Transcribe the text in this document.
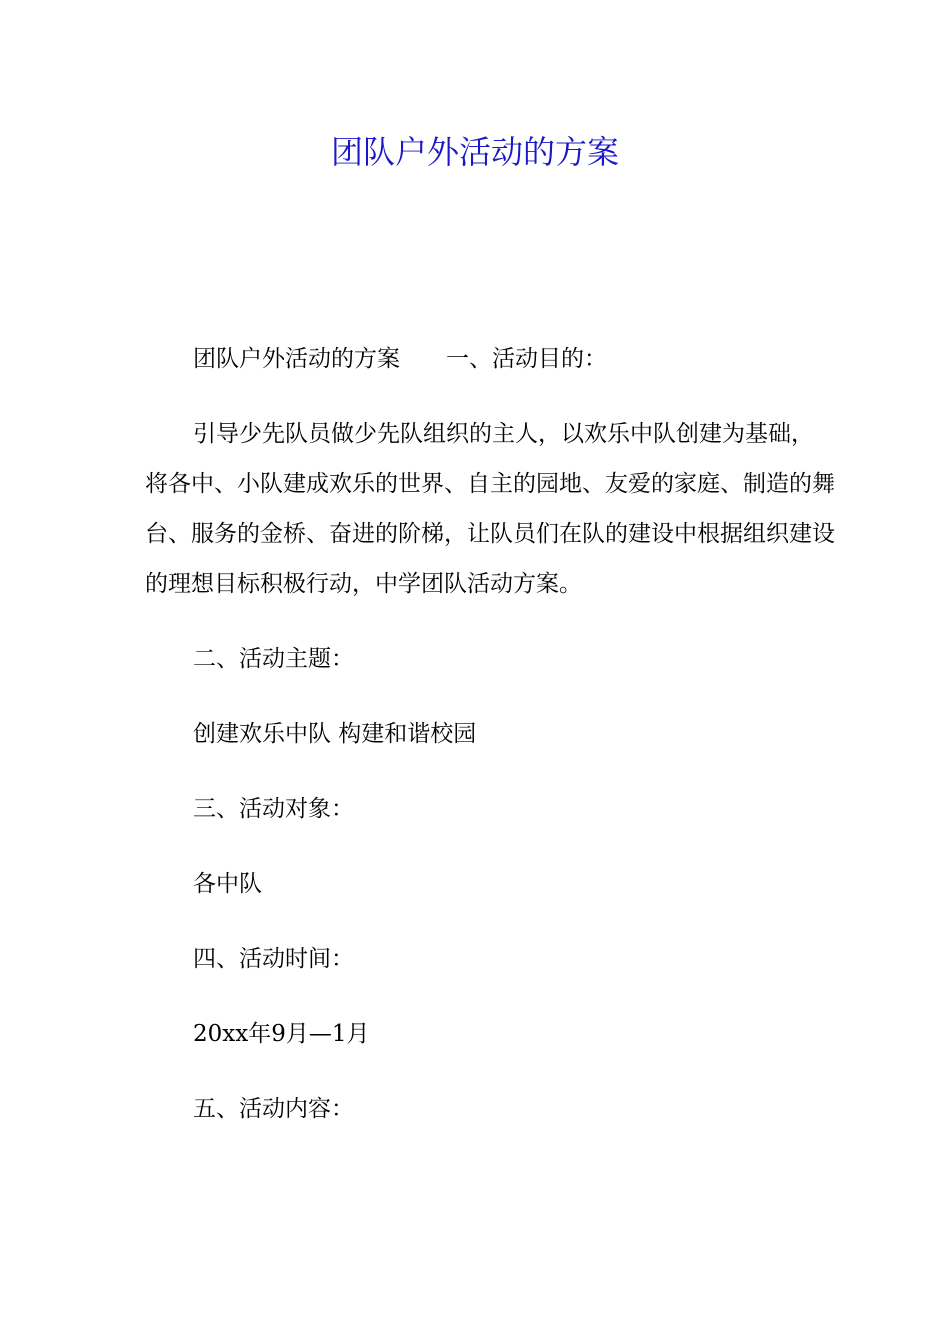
团队户外活动的方案

团队户外活动的方案 一、活动目的：

引导少先队员做少先队组织的主人，以欢乐中队创建为基础，将各中、小队建成欢乐的世界、自主的园地、友爱的家庭、制造的舞台、服务的金桥、奋进的阶梯，让队员们在队的建设中根据组织建设的理想目标积极行动，中学团队活动方案。

二、活动主题：

创建欢乐中队 构建和谐校园

三、活动对象：

各中队

四、活动时间：

20xx年9月—1月

五、活动内容：
